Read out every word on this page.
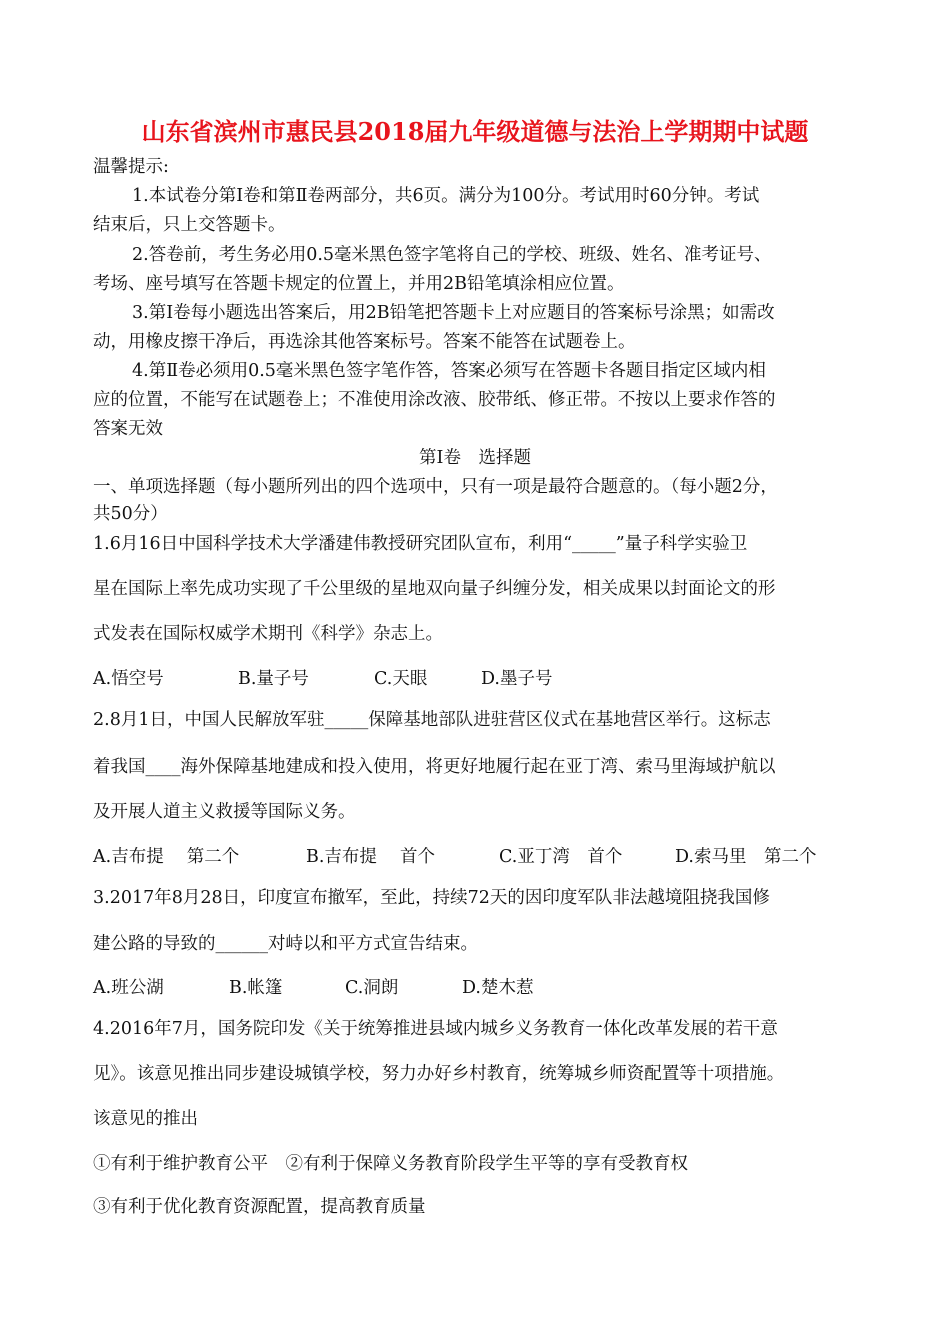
山东省滨州市惠民县2018届九年级道德与法治上学期期中试题
温馨提示:
1.本试卷分第Ⅰ卷和第Ⅱ卷两部分，共6页。满分为100分。考试用时60分钟。考试
结束后，只上交答题卡。
2.答卷前，考生务必用0.5毫米黑色签字笔将自己的学校、班级、姓名、准考证号、
考场、座号填写在答题卡规定的位置上，并用2B铅笔填涂相应位置。
3.第Ⅰ卷每小题选出答案后，用2B铅笔把答题卡上对应题目的答案标号涂黑；如需改
动，用橡皮擦干净后，再选涂其他答案标号。答案不能答在试题卷上。
4.第Ⅱ卷必须用0.5毫米黑色签字笔作答，答案必须写在答题卡各题目指定区域内相
应的位置，不能写在试题卷上；不准使用涂改液、胶带纸、修正带。不按以上要求作答的
答案无效
第Ⅰ卷　选择题
一、单项选择题（每小题所列出的四个选项中，只有一项是最符合题意的。（每小题2分，
共50分）
1.6月16日中国科学技术大学潘建伟教授研究团队宣布，利用“_____”量子科学实验卫
星在国际上率先成功实现了千公里级的星地双向量子纠缠分发，相关成果以封面论文的形
式发表在国际权威学术期刊《科学》杂志上。
A.悟空号	B.量子号	C.天眼	D.墨子号
2.8月1日，中国人民解放军驻_____保障基地部队进驻营区仪式在基地营区举行。这标志
着我国____海外保障基地建成和投入使用，将更好地履行起在亚丁湾、索马里海域护航以
及开展人道主义救援等国际义务。
A.吉布提　 第二个	B.吉布提　 首个	C.亚丁湾　首个	D.索马里　第二个
3.2017年8月28日，印度宣布撤军，至此，持续72天的因印度军队非法越境阻挠我国修
建公路的导致的______对峙以和平方式宣告结束。
A.班公湖	B.帐篷	C.洞朗	D.楚木惹
4.2016年7月，国务院印发《关于统筹推进县域内城乡义务教育一体化改革发展的若干意
见》。该意见推出同步建设城镇学校，努力办好乡村教育，统筹城乡师资配置等十项措施。
该意见的推出
①有利于维护教育公平　②有利于保障义务教育阶段学生平等的享有受教育权
③有利于优化教育资源配置，提高教育质量
